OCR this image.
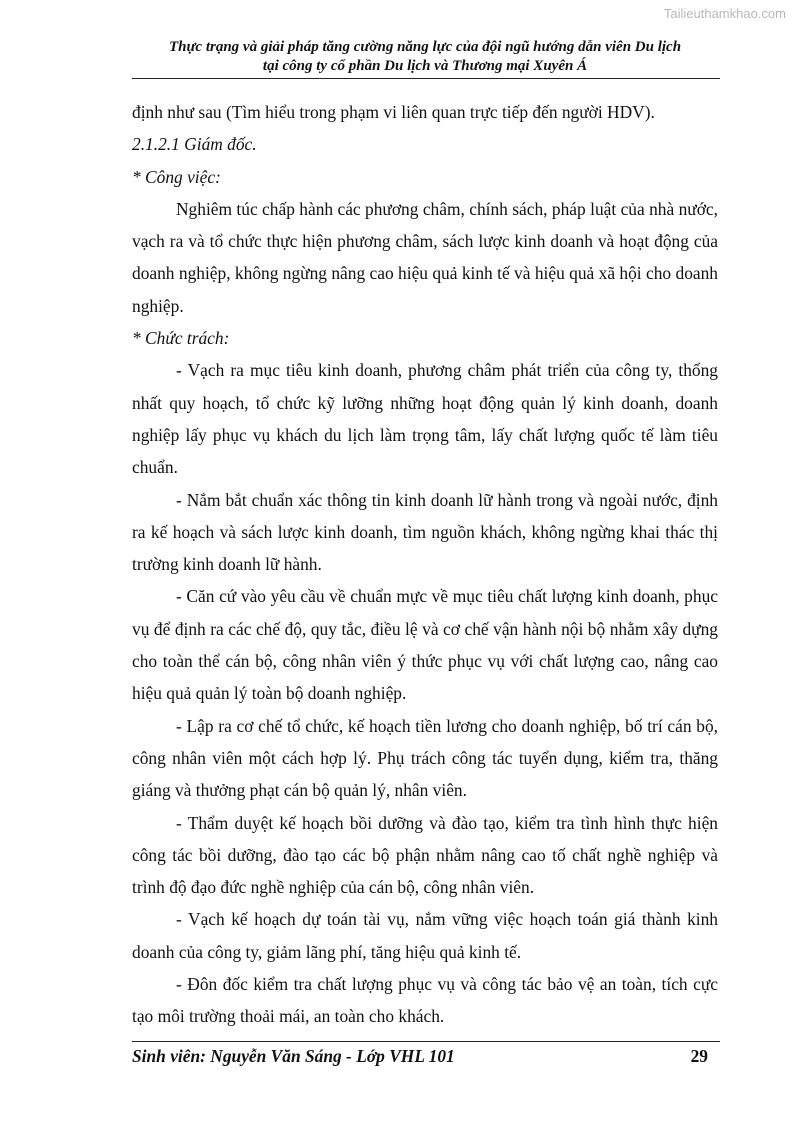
Tailieuthamkhao.com
Thực trạng và giải pháp tăng cường năng lực của đội ngũ hướng dẫn viên Du lịch
tại công ty cổ phần Du lịch và Thương mại Xuyên Á

định như sau (Tìm hiểu trong phạm vi liên quan trực tiếp đến người HDV).

2.1.2.1 Giám đốc.

* Công việc:

Nghiêm túc chấp hành các phương châm, chính sách, pháp luật của nhà nước, vạch ra và tổ chức thực hiện phương châm, sách lược kinh doanh và hoạt động của doanh nghiệp, không ngừng nâng cao hiệu quả kinh tế và hiệu quả xã hội cho doanh nghiệp.

* Chức trách:

- Vạch ra mục tiêu kinh doanh, phương châm phát triển của công ty, thống nhất quy hoạch, tổ chức kỹ lưỡng những hoạt động quản lý kinh doanh, doanh nghiệp lấy phục vụ khách du lịch làm trọng tâm, lấy chất lượng quốc tế làm tiêu chuẩn.

- Nắm bắt chuẩn xác thông tin kinh doanh lữ hành trong và ngoài nước, định ra kế hoạch và sách lược kinh doanh, tìm nguồn khách, không ngừng khai thác thị trường kinh doanh lữ hành.

- Căn cứ vào yêu cầu về chuẩn mực về mục tiêu chất lượng kinh doanh, phục vụ để định ra các chế độ, quy tắc, điều lệ và cơ chế vận hành nội bộ nhằm xây dựng cho toàn thể cán bộ, công nhân viên ý thức phục vụ với chất lượng cao, nâng cao hiệu quả quản lý toàn bộ doanh nghiệp.

- Lập ra cơ chế tổ chức, kế hoạch tiền lương cho doanh nghiệp, bố trí cán bộ, công nhân viên một cách hợp lý. Phụ trách công tác tuyển dụng, kiểm tra, thăng giáng và thưởng phạt cán bộ quản lý, nhân viên.

- Thẩm duyệt kế hoạch bồi dưỡng và đào tạo, kiểm tra tình hình thực hiện công tác bồi dưỡng, đào tạo các bộ phận nhằm nâng cao tố chất nghề nghiệp và trình độ đạo đức nghề nghiệp của cán bộ, công nhân viên.

- Vạch kế hoạch dự toán tài vụ, nắm vững việc hoạch toán giá thành kinh doanh của công ty, giảm lãng phí, tăng hiệu quả kinh tế.

- Đôn đốc kiểm tra chất lượng phục vụ và công tác bảo vệ an toàn, tích cực tạo môi trường thoải mái, an toàn cho khách.

Sinh viên: Nguyễn Văn Sáng - Lớp VHL 101	29
